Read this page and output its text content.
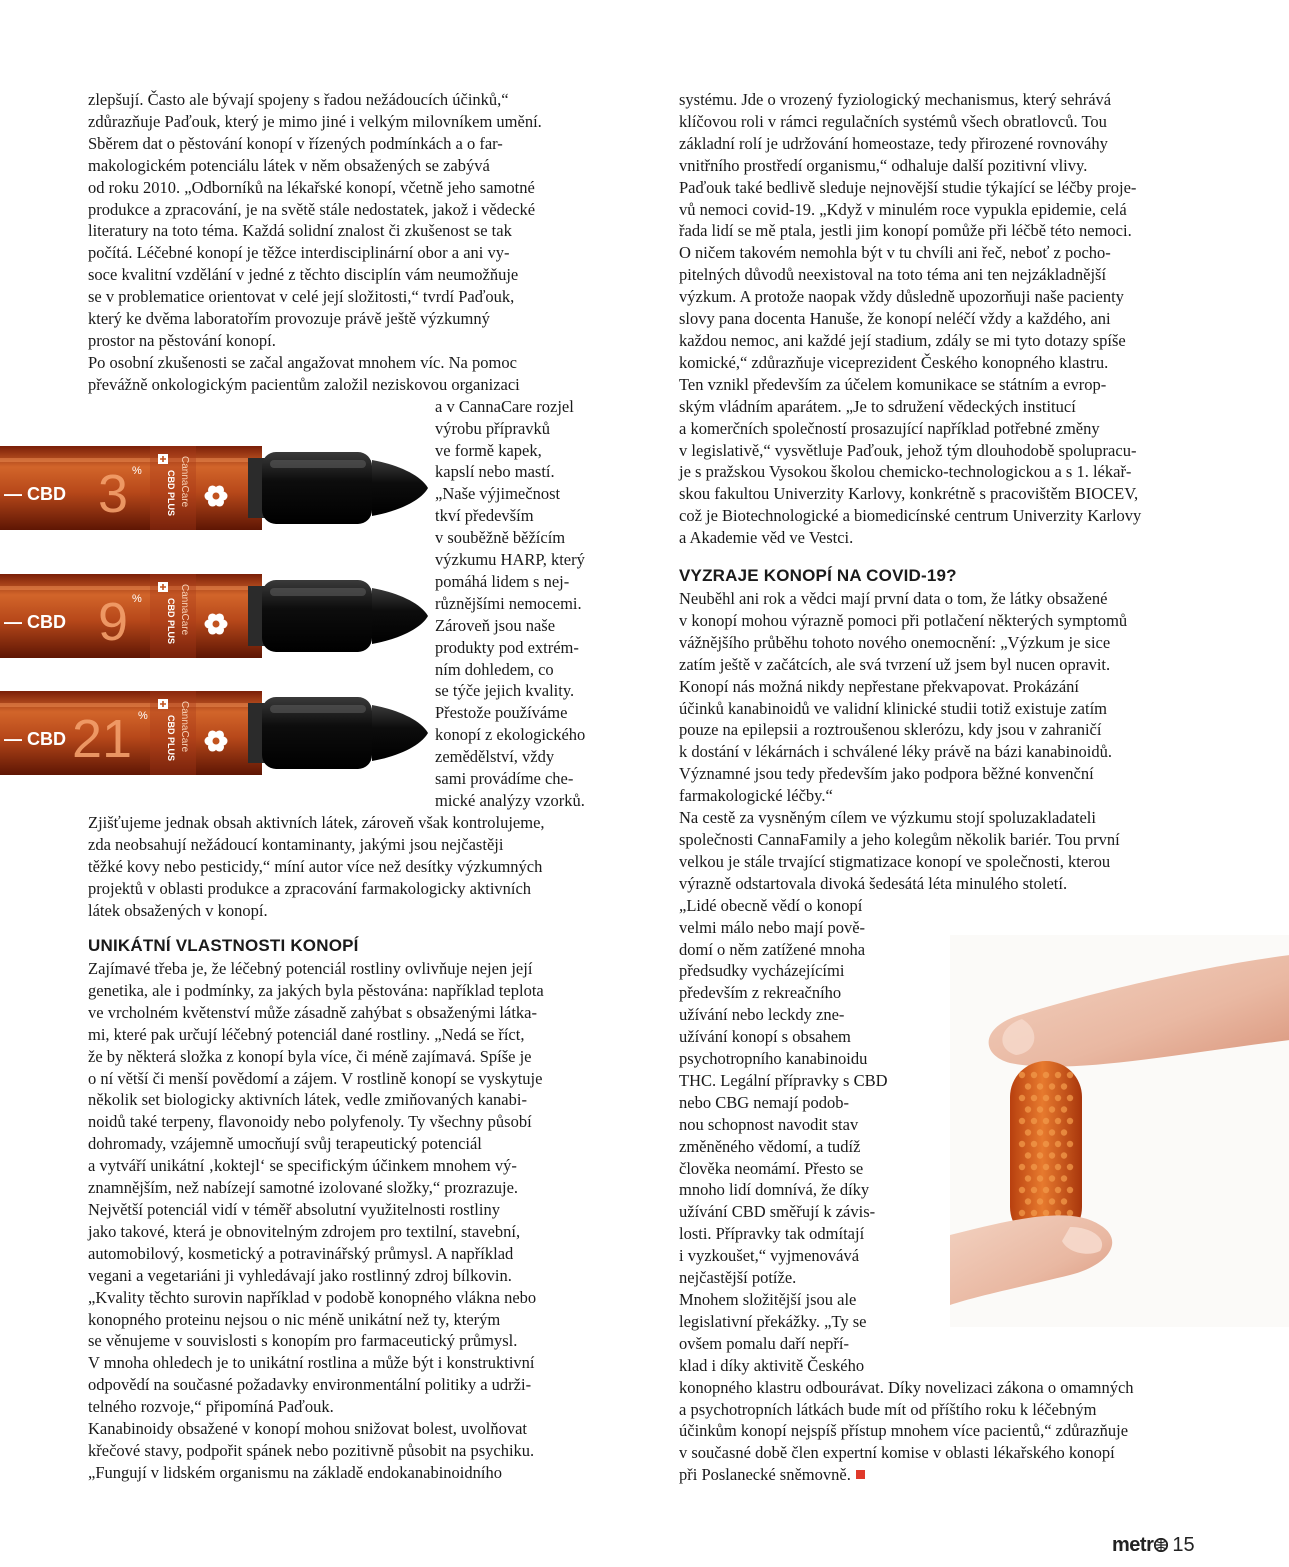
zlepšují. Často ale bývají spojeny s řadou nežádoucích účinků,“
zdůrazňuje Paďouk, který je mimo jiné i velkým milovníkem umění.
Sběrem dat o pěstování konopí v řízených podmínkách a o far-
makologickém potenciálu látek v něm obsažených se zabývá
od roku 2010. „Odborníků na lékařské konopí, včetně jeho samotné
produkce a zpracování, je na světě stále nedostatek, jakož i vědecké
literatury na toto téma. Každá solidní znalost či zkušenost se tak
počítá. Léčebné konopí je těžce interdisciplinární obor a ani vy-
soce kvalitní vzdělání v jedné z těchto disciplín vám neumožňuje
se v problematice orientovat v celé její složitosti,“ tvrdí Paďouk,
který ke dvěma laboratořím provozuje právě ještě výzkumný
prostor na pěstování konopí.
Po osobní zkušenosti se začal angažovat mnohem víc. Na pomoc
převážně onkologickým pacientům založil neziskovou organizaci

a v CannaCare rozjel
výrobu přípravků
ve formě kapek,
kapslí nebo mastí.
„Naše výjimečnost
tkví především
v souběžně běžícím
výzkumu HARP, který
pomáhá lidem s nej-
různějšími nemocemi.
Zároveň jsou naše
produkty pod extrém-
ním dohledem, co
se týče jejich kvality.
Přestože používáme
konopí z ekologického
zemědělství, vždy
sami provádíme che-
mické analýzy vzorků.

Zjišťujeme jednak obsah aktivních látek, zároveň však kontrolujeme,
zda neobsahují nežádoucí kontaminanty, jakými jsou nejčastěji
těžké kovy nebo pesticidy,“ míní autor více než desítky výzkumných
projektů v oblasti produkce a zpracování farmakologicky aktivních
látek obsažených v konopí.

UNIKÁTNÍ VLASTNOSTI KONOPÍ

Zajímavé třeba je, že léčebný potenciál rostliny ovlivňuje nejen její
genetika, ale i podmínky, za jakých byla pěstována: například teplota
ve vrcholném květenství může zásadně zahýbat s obsaženými látka-
mi, které pak určují léčebný potenciál dané rostliny. „Nedá se říct,
že by některá složka z konopí byla více, či méně zajímavá. Spíše je
o ní větší či menší povědomí a zájem. V rostlině konopí se vyskytuje
několik set biologicky aktivních látek, vedle zmiňovaných kanabi-
noidů také terpeny, flavonoidy nebo polyfenoly. Ty všechny působí
dohromady, vzájemně umocňují svůj terapeutický potenciál
a vytváří unikátní ‚koktejl‘ se specifickým účinkem mnohem vý-
znamnějším, než nabízejí samotné izolované složky,“ prozrazuje.
Největší potenciál vidí v téměř absolutní využitelnosti rostliny
jako takové, která je obnovitelným zdrojem pro textilní, stavební,
automobilový, kosmetický a potravinářský průmysl. A například
vegani a vegetariáni ji vyhledávají jako rostlinný zdroj bílkovin.
„Kvality těchto surovin například v podobě konopného vlákna nebo
konopného proteinu nejsou o nic méně unikátní než ty, kterým
se věnujeme v souvislosti s konopím pro farmaceutický průmysl.
V mnoha ohledech je to unikátní rostlina a může být i konstruktivní
odpovědí na současné požadavky environmentální politiky a udrži-
telného rozvoje,“ připomíná Paďouk.
Kanabinoidy obsažené v konopí mohou snižovat bolest, uvolňovat
křečové stavy, podpořit spánek nebo pozitivně působit na psychiku.
„Fungují v lidském organismu na základě endokanabinoidního

systému. Jde o vrozený fyziologický mechanismus, který sehrává
klíčovou roli v rámci regulačních systémů všech obratlovců. Tou
základní rolí je udržování homeostaze, tedy přirozené rovnováhy
vnitřního prostředí organismu,“ odhaluje další pozitivní vlivy.
Paďouk také bedlivě sleduje nejnovější studie týkající se léčby proje-
vů nemoci covid-19. „Když v minulém roce vypukla epidemie, celá
řada lidí se mě ptala, jestli jim konopí pomůže při léčbě této nemoci.
O ničem takovém nemohla být v tu chvíli ani řeč, neboť z pocho-
pitelných důvodů neexistoval na toto téma ani ten nejzákladnější
výzkum. A protože naopak vždy důsledně upozorňuji naše pacienty
slovy pana docenta Hanuše, že konopí neléčí vždy a každého, ani
každou nemoc, ani každé její stadium, zdály se mi tyto dotazy spíše
komické,“ zdůrazňuje viceprezident Českého konopného klastru.
Ten vznikl především za účelem komunikace se státním a evrop-
ským vládním aparátem. „Je to sdružení vědeckých institucí
a komerčních společností prosazující například potřebné změny
v legislativě,“ vysvětluje Paďouk, jehož tým dlouhodobě spolupracu-
je s pražskou Vysokou školou chemicko-technologickou a s 1. lékař-
skou fakultou Univerzity Karlovy, konkrétně s pracovištěm BIOCEV,
což je Biotechnologické a biomedicínské centrum Univerzity Karlovy
a Akademie věd ve Vestci.

VYZRAJE KONOPÍ NA COVID-19?

Neuběhl ani rok a vědci mají první data o tom, že látky obsažené
v konopí mohou výrazně pomoci při potlačení některých symptomů
vážnějšího průběhu tohoto nového onemocnění: „Výzkum je sice
zatím ještě v začátcích, ale svá tvrzení už jsem byl nucen opravit.
Konopí nás možná nikdy nepřestane překvapovat. Prokázání
účinků kanabinoidů ve validní klinické studii totiž existuje zatím
pouze na epilepsii a roztroušenou sklerózu, kdy jsou v zahraničí
k dostání v lékárnách i schválené léky právě na bázi kanabinoidů.
Významné jsou tedy především jako podpora běžné konvenční
farmakologické léčby.“
Na cestě za vysněným cílem ve výzkumu stojí spoluzakladateli
společnosti CannaFamily a jeho kolegům několik bariér. Tou první
velkou je stále trvající stigmatizace konopí ve společnosti, kterou
výrazně odstartovala divoká šedesátá léta minulého století.

„Lidé obecně vědí o konopí
velmi málo nebo mají pově-
domí o něm zatížené mnoha
předsudky vycházejícími
především z rekreačního
užívání nebo leckdy zne-
užívání konopí s obsahem
psychotropního kanabinoidu
THC. Legální přípravky s CBD
nebo CBG nemají podob-
nou schopnost navodit stav
změněného vědomí, a tudíž
člověka neomámí. Přesto se
mnoho lidí domnívá, že díky
užívání CBD směřují k závis-
losti. Přípravky tak odmítají
i vyzkoušet,“ vyjmenovává
nejčastější potíže.
Mnohem složitější jsou ale
legislativní překážky. „Ty se
ovšem pomalu daří nepří-
klad i díky aktivitě Českého

konopného klastru odbourávat. Díky novelizaci zákona o omamných
a psychotropních látkách bude mít od příštího roku k léčebným
účinkům konopí nejspíš přístup mnohem více pacientů,“ zdůrazňuje
v současné době člen expertní komise v oblasti lékařského konopí
při Poslanecké sněmovně.

— CBD 3 %	CBD PLUS CannaCare
— CBD 9 %	CBD PLUS CannaCare
— CBD 21 % CBD PLUS CannaCare
metr 15
